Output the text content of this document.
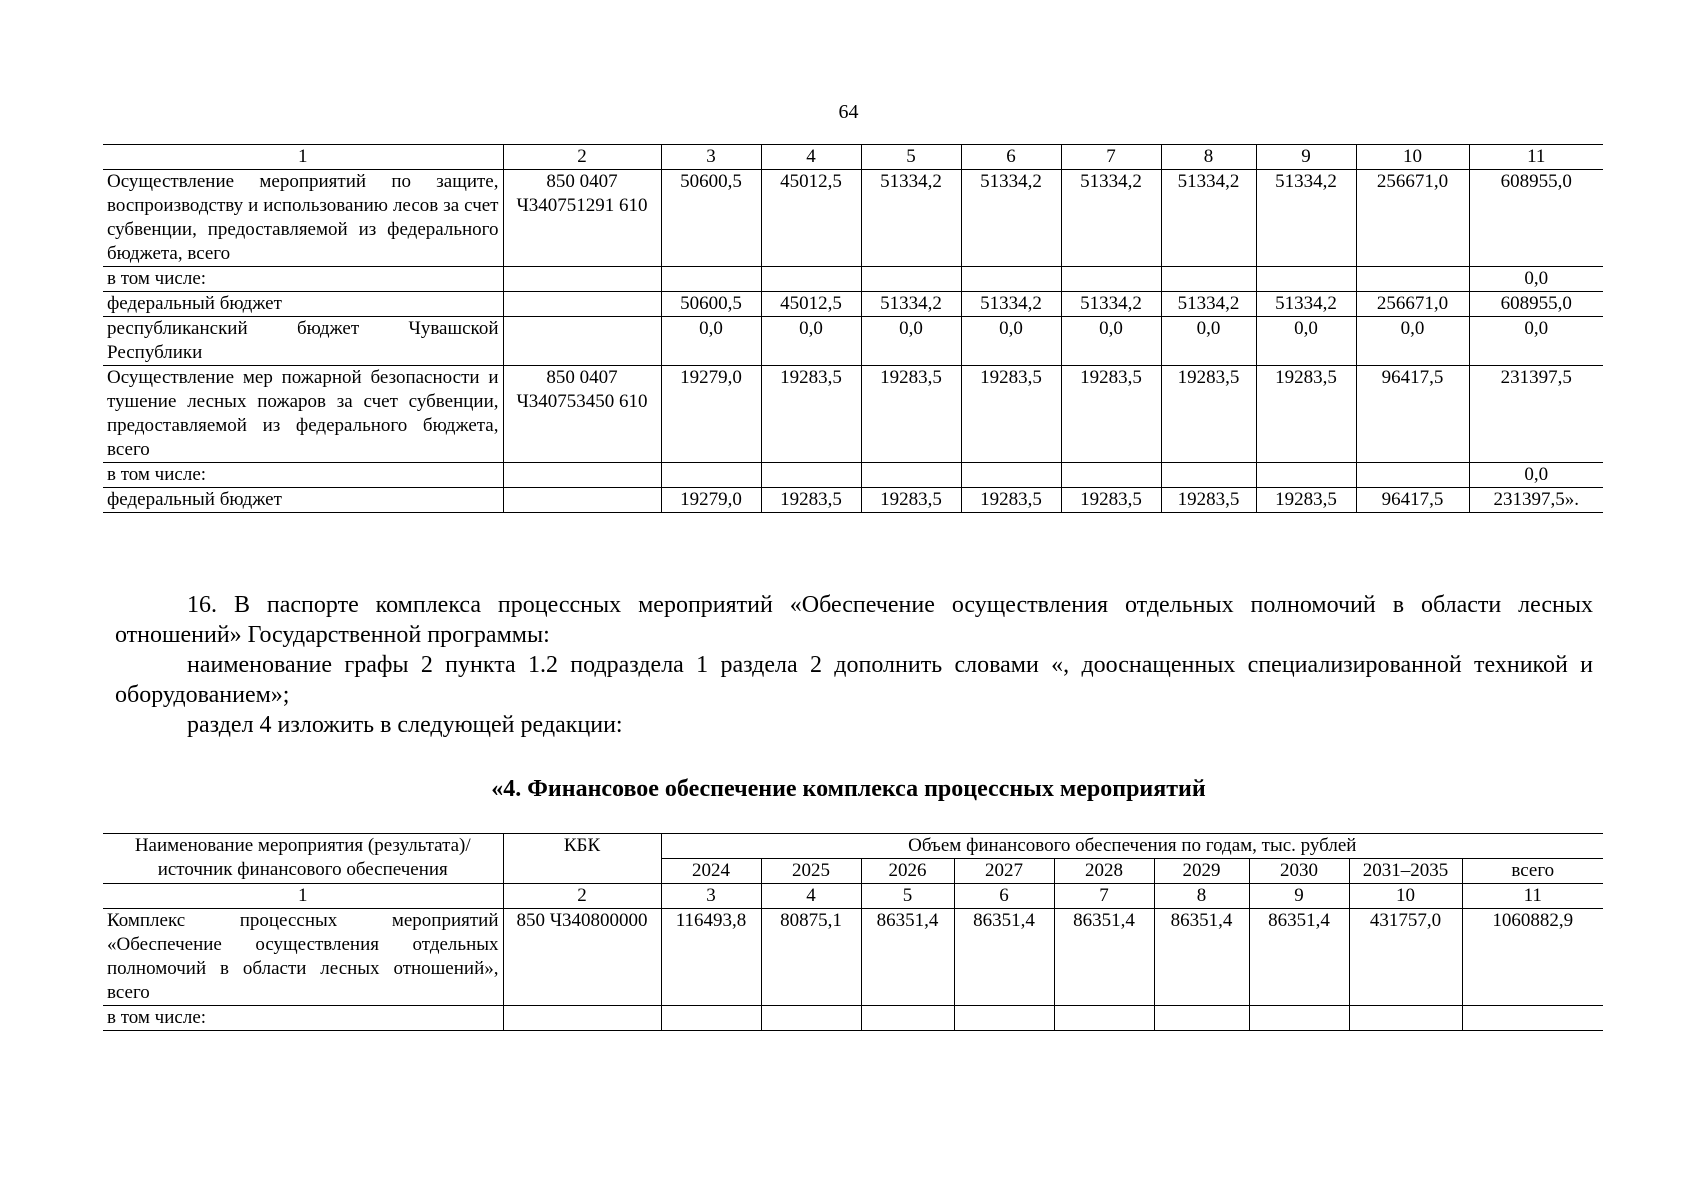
64
1	2	3	4	5	6	7	8	9	10	11
Осуществление мероприятий по защите, воспроизводству и использованию лесов за счет субвенции, предоставляемой из федерального бюджета, всего	850 0407 Ч340751291 610	50600,5	45012,5	51334,2	51334,2	51334,2	51334,2	51334,2	256671,0	608955,0
в том числе:										0,0
федеральный бюджет		50600,5	45012,5	51334,2	51334,2	51334,2	51334,2	51334,2	256671,0	608955,0
республиканский бюджет Чувашской Республики		0,0	0,0	0,0	0,0	0,0	0,0	0,0	0,0	0,0
Осуществление мер пожарной безопасности и тушение лесных пожаров за счет субвенции, предоставляемой из федерального бюджета, всего	850 0407 Ч340753450 610	19279,0	19283,5	19283,5	19283,5	19283,5	19283,5	19283,5	96417,5	231397,5
в том числе:										0,0
федеральный бюджет		19279,0	19283,5	19283,5	19283,5	19283,5	19283,5	19283,5	96417,5	231397,5».

16. В паспорте комплекса процессных мероприятий «Обеспечение осуществления отдельных полномочий в области лесных отношений» Государственной программы:

наименование графы 2 пункта 1.2 подраздела 1 раздела 2 дополнить словами «, дооснащенных специализированной техникой и оборудованием»;

раздел 4 изложить в следующей редакции:

«4. Финансовое обеспечение комплекса процессных мероприятий
Наименование мероприятия (результата)/источник финансового обеспечения	КБК	Объем финансового обеспечения по годам, тыс. рублей								
		2024	2025	2026	2027	2028	2029	2030	2031–2035	всего
1	2	3	4	5	6	7	8	9	10	11
Комплекс процессных мероприятий «Обеспечение осуществления отдельных полномочий в области лесных отношений», всего	850 Ч340800000	116493,8	80875,1	86351,4	86351,4	86351,4	86351,4	86351,4	431757,0	1060882,9
в том числе:										
